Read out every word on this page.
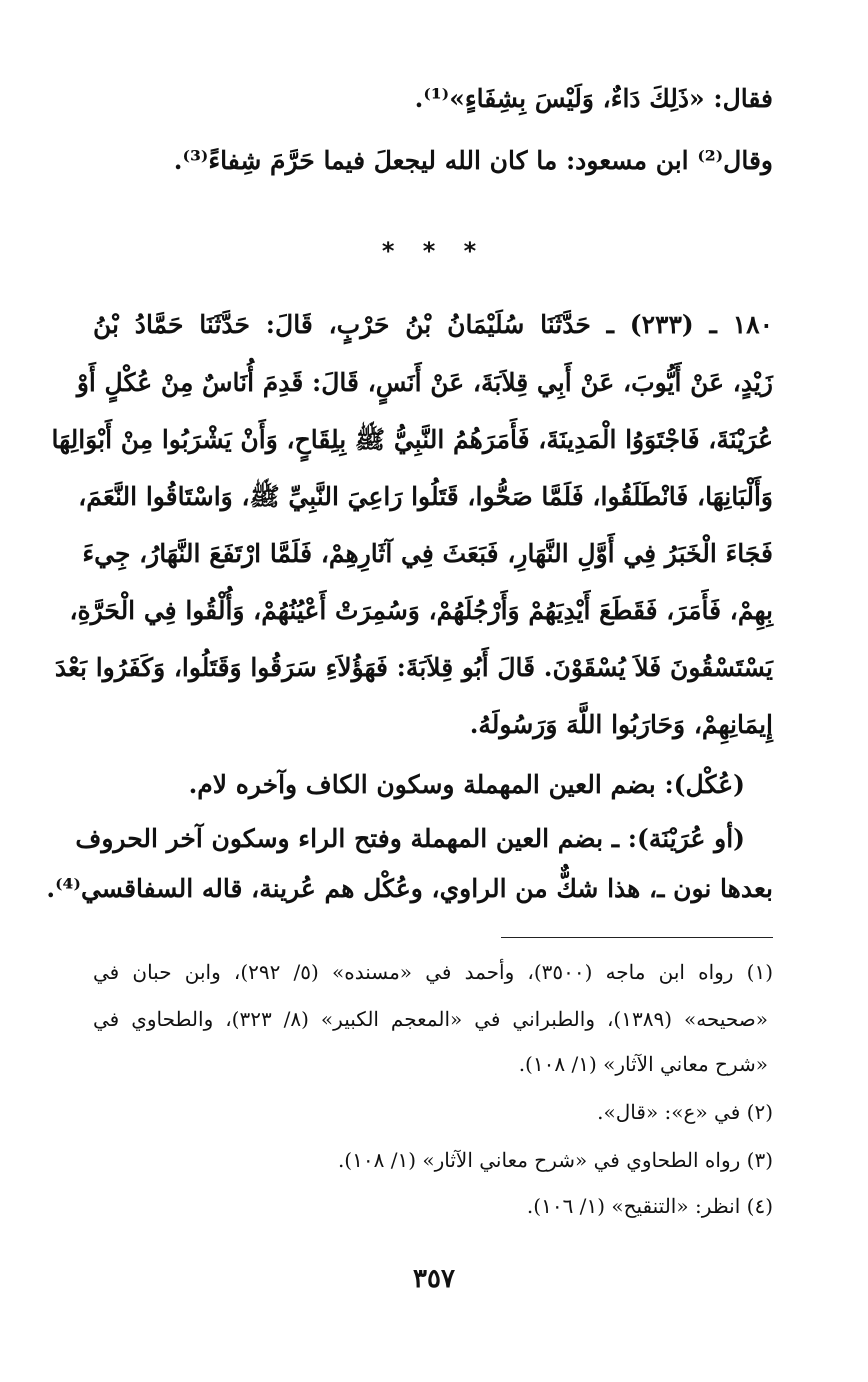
فقال: «ذَلِكَ دَاءٌ، وَلَيْسَ بِشِفَاءٍ»⁽¹⁾.
وقال⁽²⁾ ابن مسعود: ما كان الله ليجعلَ فيما حَرَّمَ شِفاءً⁽³⁾.
* * *
١٨٠ ـ (٢٣٣) ـ حَدَّثَنَا سُلَيْمَانُ بْنُ حَرْبٍ، قَالَ: حَدَّثَنَا حَمَّادُ بْنُ
زَيْدٍ، عَنْ أَيُّوبَ، عَنْ أَبِي قِلاَبَةَ، عَنْ أَنَسٍ، قَالَ: قَدِمَ أُنَاسٌ مِنْ عُكْلٍ أَوْ
عُرَيْنَةَ، فَاجْتَوَوُا الْمَدِينَةَ، فَأَمَرَهُمُ النَّبِيُّ ﷺ بِلِقَاحٍ، وَأَنْ يَشْرَبُوا مِنْ أَبْوَالِهَا
وَأَلْبَانِهَا، فَانْطَلَقُوا، فَلَمَّا صَحُّوا، قَتَلُوا رَاعِيَ النَّبِيِّ ﷺ، وَاسْتَاقُوا النَّعَمَ،
فَجَاءَ الْخَبَرُ فِي أَوَّلِ النَّهَارِ، فَبَعَثَ فِي آثَارِهِمْ، فَلَمَّا ارْتَفَعَ النَّهَارُ، جِيءَ
بِهِمْ، فَأَمَرَ، فَقَطَعَ أَيْدِيَهُمْ وَأَرْجُلَهُمْ، وَسُمِرَتْ أَعْيُنُهُمْ، وَأُلْقُوا فِي الْحَرَّةِ،
يَسْتَسْقُونَ فَلاَ يُسْقَوْنَ. قَالَ أَبُو قِلاَبَةَ: فَهَؤُلاَءِ سَرَقُوا وَقَتَلُوا، وَكَفَرُوا بَعْدَ
إِيمَانِهِمْ، وَحَارَبُوا اللَّهَ وَرَسُولَهُ.
(عُكْل): بضم العين المهملة وسكون الكاف وآخره لام.
(أو عُرَيْنَة): ـ بضم العين المهملة وفتح الراء وسكون آخر الحروف
بعدها نون ـ، هذا شكٌّ من الراوي، وعُكْل هم عُرينة، قاله السفاقسي⁽⁴⁾.
(١) رواه ابن ماجه (٣٥٠٠)، وأحمد في «مسنده» (٥/ ٢٩٢)، وابن حبان في
«صحيحه» (١٣٨٩)، والطبراني في «المعجم الكبير» (٨/ ٣٢٣)، والطحاوي في
«شرح معاني الآثار» (١/ ١٠٨).
(٢) في «ع»: «قال».
(٣) رواه الطحاوي في «شرح معاني الآثار» (١/ ١٠٨).
(٤) انظر: «التنقيح» (١/ ١٠٦).
٣٥٧
